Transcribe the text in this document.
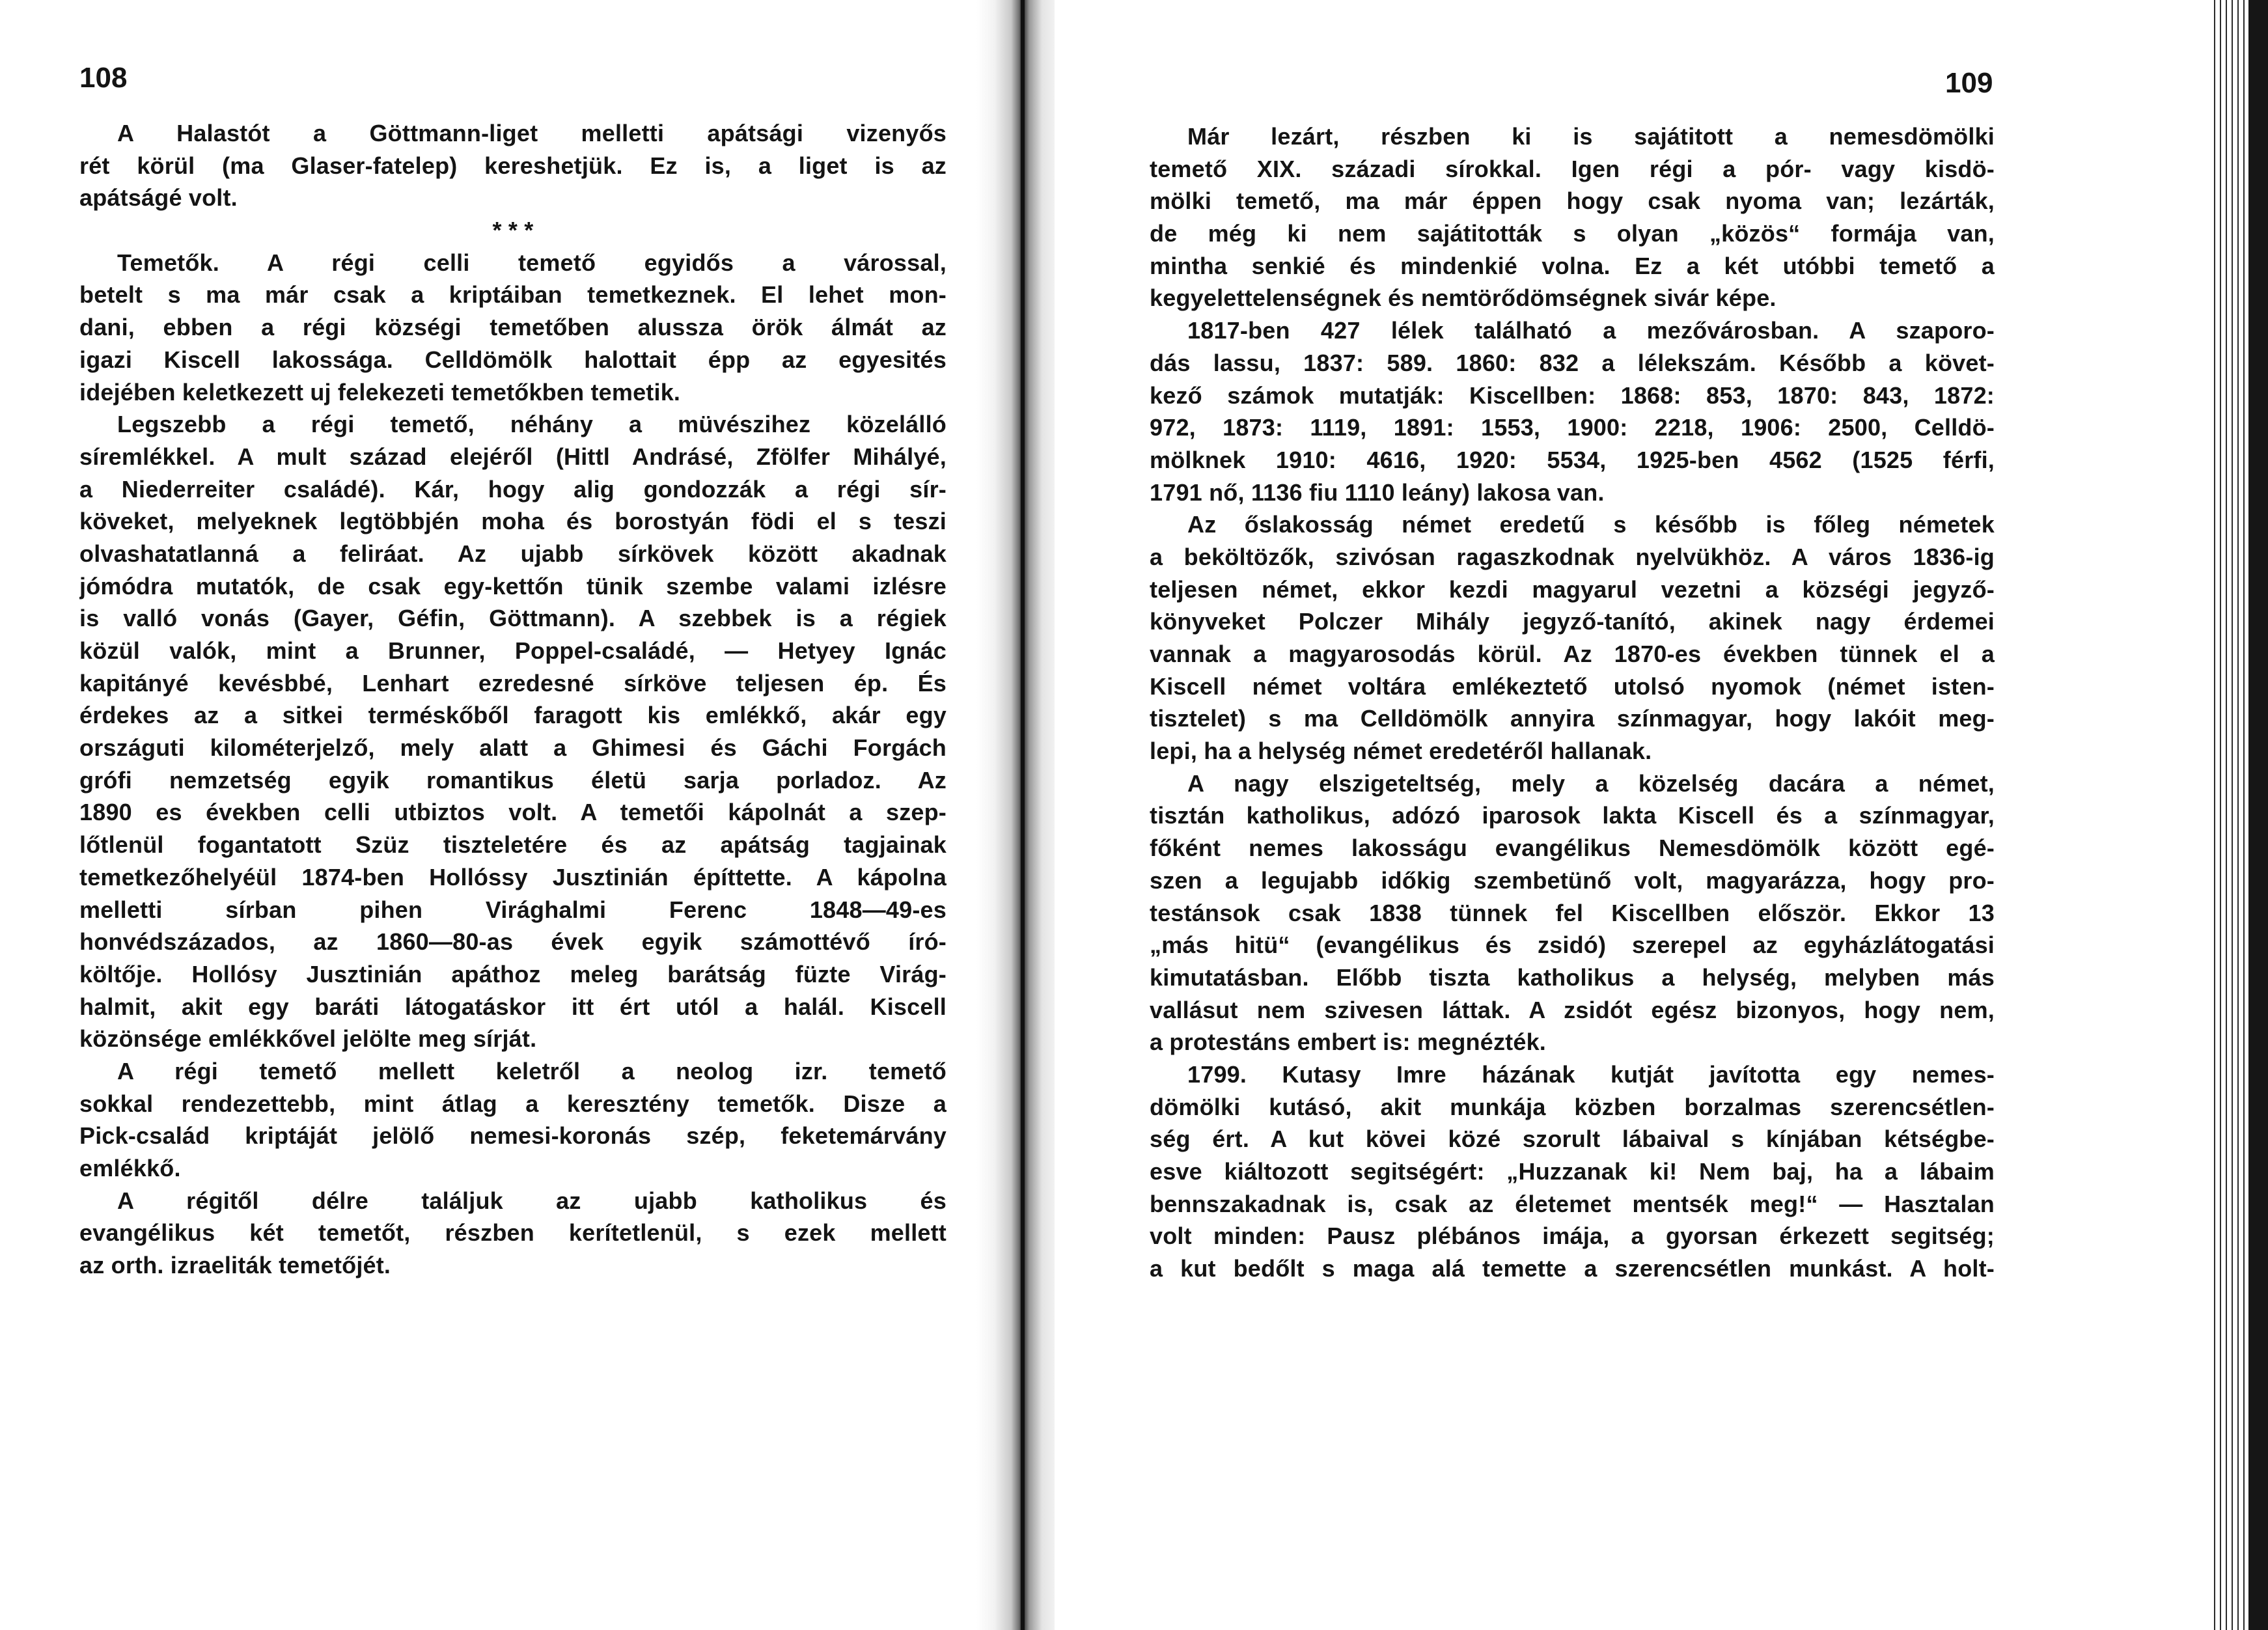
108
A Halastót a Göttmann-liget melletti apátsági vizenyős
rét körül (ma Glaser-fatelep) kereshetjük. Ez is, a liget is az
apátságé volt.
* * *
Temetők. A régi celli temető egyidős a várossal,
betelt s ma már csak a kriptáiban temetkeznek. El lehet mon-
dani, ebben a régi községi temetőben alussza örök álmát az
igazi Kiscell lakossága. Celldömölk halottait épp az egyesités
idejében keletkezett uj felekezeti temetőkben temetik.
Legszebb a régi temető, néhány a müvészihez közelálló
síremlékkel. A mult század elejéről (Hittl Andrásé, Zfölfer Mihályé,
a Niederreiter családé). Kár, hogy alig gondozzák a régi sír-
köveket, melyeknek legtöbbjén moha és borostyán födi el s teszi
olvashatatlanná a feliráat. Az ujabb sírkövek között akadnak
jómódra mutatók, de csak egy-kettőn tünik szembe valami izlésre
is valló vonás (Gayer, Géfin, Göttmann). A szebbek is a régiek
közül valók, mint a Brunner, Poppel-családé, — Hetyey Ignác
kapitányé kevésbbé, Lenhart ezredesné sírköve teljesen ép. És
érdekes az a sitkei terméskőből faragott kis emlékkő, akár egy
országuti kilométerjelző, mely alatt a Ghimesi és Gáchi Forgách
grófi nemzetség egyik romantikus életü sarja porladoz. Az
1890 es években celli utbiztos volt. A temetői kápolnát a szep-
lőtlenül fogantatott Szüz tiszteletére és az apátság tagjainak
temetkezőhelyéül 1874-ben Hollóssy Jusztinián építtette. A kápolna
melletti sírban pihen Virághalmi Ferenc 1848—49-es
honvédszázados, az 1860—80-as évek egyik számottévő író-
költője. Hollósy Jusztinián apáthoz meleg barátság füzte Virág-
halmit, akit egy baráti látogatáskor itt ért utól a halál. Kiscell
közönsége emlékkővel jelölte meg sírját.
A régi temető mellett keletről a neolog izr. temető
sokkal rendezettebb, mint átlag a keresztény temetők. Disze a
Pick-család kriptáját jelölő nemesi-koronás szép, feketemárvány
emlékkő.
A régitől délre találjuk az ujabb katholikus és
evangélikus két temetőt, részben kerítetlenül, s ezek mellett
az orth. izraeliták temetőjét.
109
Már lezárt, részben ki is sajátitott a nemesdömölki
temető XIX. századi sírokkal. Igen régi a pór- vagy kisdö-
mölki temető, ma már éppen hogy csak nyoma van; lezárták,
de még ki nem sajátitották s olyan „közös“ formája van,
mintha senkié és mindenkié volna. Ez a két utóbbi temető a
kegyelettelenségnek és nemtörődömségnek sivár képe.
1817-ben 427 lélek található a mezővárosban. A szaporo-
dás lassu, 1837: 589. 1860: 832 a lélekszám. Később a követ-
kező számok mutatják: Kiscellben: 1868: 853, 1870: 843, 1872:
972, 1873: 1119, 1891: 1553, 1900: 2218, 1906: 2500, Celldö-
mölknek 1910: 4616, 1920: 5534, 1925-ben 4562 (1525 férfi,
1791 nő, 1136 fiu 1110 leány) lakosa van.
Az őslakosság német eredetű s később is főleg németek
a beköltözők, szivósan ragaszkodnak nyelvükhöz. A város 1836-ig
teljesen német, ekkor kezdi magyarul vezetni a községi jegyző-
könyveket Polczer Mihály jegyző-tanító, akinek nagy érdemei
vannak a magyarosodás körül. Az 1870-es években tünnek el a
Kiscell német voltára emlékeztető utolsó nyomok (német isten-
tisztelet) s ma Celldömölk annyira színmagyar, hogy lakóit meg-
lepi, ha a helység német eredetéről hallanak.
A nagy elszigeteltség, mely a közelség dacára a német,
tisztán katholikus, adózó iparosok lakta Kiscell és a színmagyar,
főként nemes lakosságu evangélikus Nemesdömölk között egé-
szen a legujabb időkig szembetünő volt, magyarázza, hogy pro-
testánsok csak 1838 tünnek fel Kiscellben először. Ekkor 13
„más hitü“ (evangélikus és zsidó) szerepel az egyházlátogatási
kimutatásban. Előbb tiszta katholikus a helység, melyben más
vallásut nem szivesen láttak. A zsidót egész bizonyos, hogy nem,
a protestáns embert is: megnézték.
1799. Kutasy Imre házának kutját javította egy nemes-
dömölki kutásó, akit munkája közben borzalmas szerencsétlen-
ség ért. A kut kövei közé szorult lábaival s kínjában kétségbe-
esve kiáltozott segitségért: „Huzzanak ki! Nem baj, ha a lábaim
bennszakadnak is, csak az életemet mentsék meg!“ — Hasztalan
volt minden: Pausz plébános imája, a gyorsan érkezett segitség;
a kut bedőlt s maga alá temette a szerencsétlen munkást. A holt-
